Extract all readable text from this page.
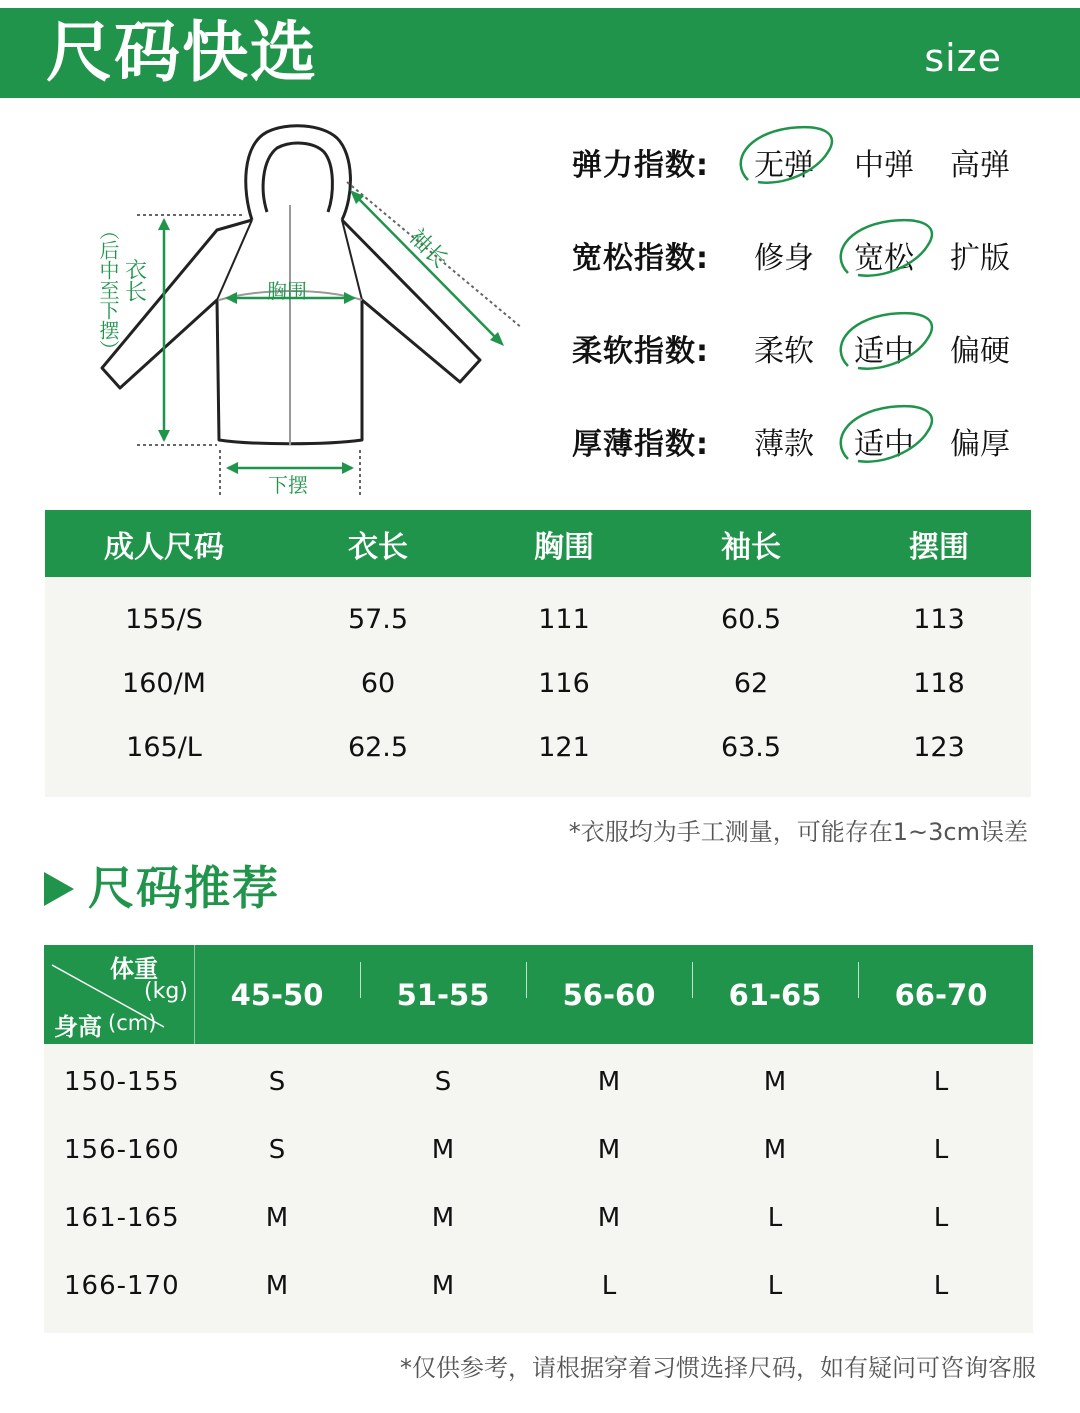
尺码快选	size
胸围
下摆
袖长
衣长
（后中至下摆）
弹力指数: 无弹	中弹	高弹
宽松指数: 修身	宽松	扩版
柔软指数: 柔软	适中	偏硬
厚薄指数: 薄款	适中	偏厚
成人尺码	衣长	胸围	袖长	摆围
155/S	57.5	111	60.5	113
160/M	60	116	62	118
165/L	62.5	121	63.5	123
*衣服均为手工测量，可能存在1~3cm误差
尺码推荐
体重
(kg)
身高 (cm)
45-50	51-55	56-60	61-65	66-70
150-155	S	S	M	M	L
156-160	S	M	M	M	L
161-165	M	M	M	L	L
166-170	M	M	L	L	L
*仅供参考，请根据穿着习惯选择尺码，如有疑问可咨询客服
